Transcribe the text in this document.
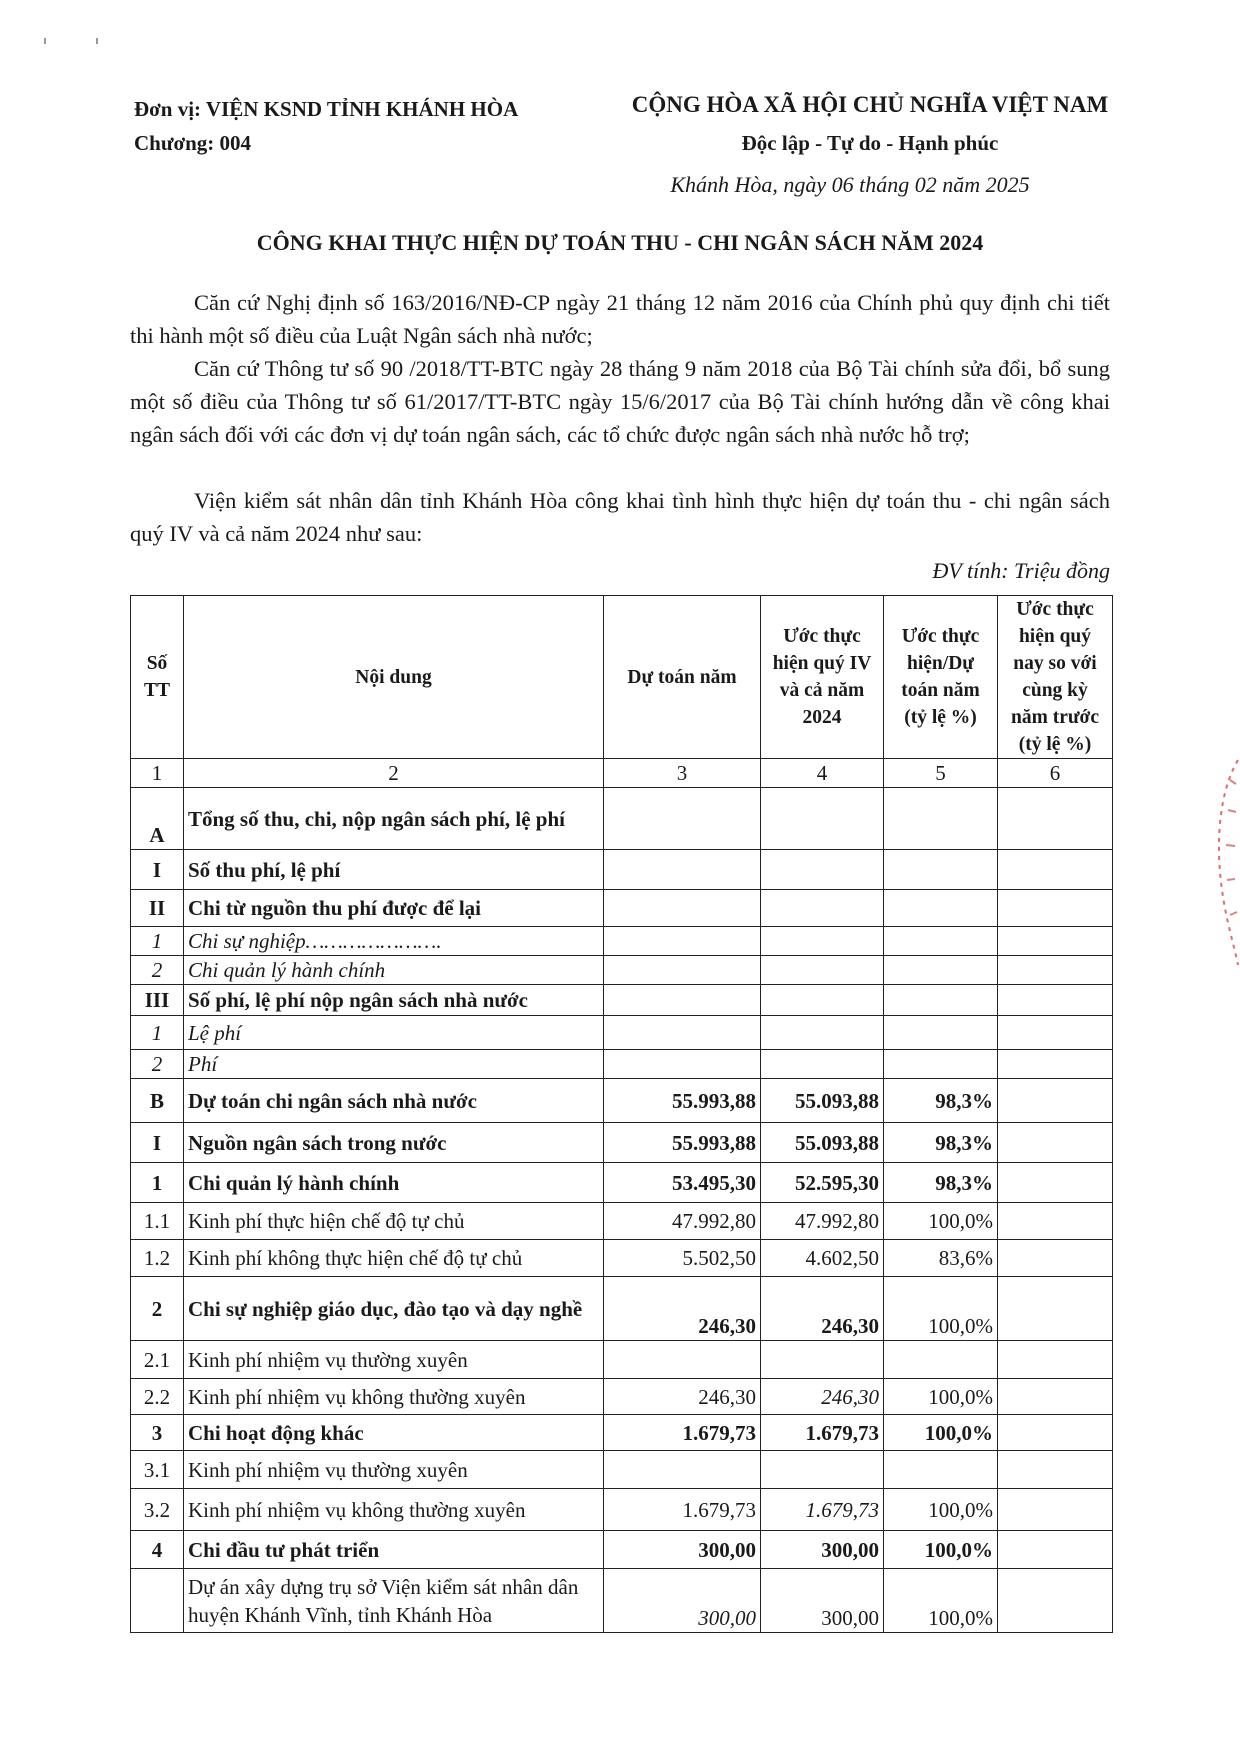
Đơn vị: VIỆN KSND TỈNH KHÁNH HÒA
Chương: 004
CỘNG HÒA XÃ HỘI CHỦ NGHĨA VIỆT NAM
Độc lập - Tự do - Hạnh phúc
Khánh Hòa, ngày 06 tháng 02 năm 2025
CÔNG KHAI THỰC HIỆN DỰ TOÁN THU - CHI NGÂN SÁCH NĂM 2024
Căn cứ Nghị định số 163/2016/NĐ-CP ngày 21 tháng 12 năm 2016 của Chính phủ quy định chi tiết thi hành một số điều của Luật Ngân sách nhà nước;
Căn cứ Thông tư số 90 /2018/TT-BTC ngày 28 tháng 9 năm 2018 của Bộ Tài chính sửa đổi, bổ sung một số điều của Thông tư số 61/2017/TT-BTC ngày 15/6/2017 của Bộ Tài chính hướng dẫn về công khai ngân sách đối với các đơn vị dự toán ngân sách, các tổ chức được ngân sách nhà nước hỗ trợ;
Viện kiểm sát nhân dân tỉnh Khánh Hòa công khai tình hình thực hiện dự toán thu - chi ngân sách quý IV và cả năm 2024 như sau:
ĐV tính: Triệu đồng
Số TT	Nội dung	Dự toán năm	Ước thực hiện quý IV và cả năm 2024	Ước thực hiện/Dự toán năm (tỷ lệ %)	Ước thực hiện quý nay so với cùng kỳ năm trước (tỷ lệ %)
1	2	3	4	5	6
A	Tổng số thu, chi, nộp ngân sách phí, lệ phí				
I	Số thu phí, lệ phí				
II	Chi từ nguồn thu phí được để lại				
1	Chi sự nghiệp………………….				
2	Chi quản lý hành chính				
III	Số phí, lệ phí nộp ngân sách nhà nước				
1	Lệ phí				
2	Phí				
B	Dự toán chi ngân sách nhà nước	55.993,88	55.093,88	98,3%	
I	Nguồn ngân sách trong nước	55.993,88	55.093,88	98,3%	
1	Chi quản lý hành chính	53.495,30	52.595,30	98,3%	
1.1	Kinh phí thực hiện chế độ tự chủ	47.992,80	47.992,80	100,0%	
1.2	Kinh phí không thực hiện chế độ tự chủ	5.502,50	4.602,50	83,6%	
2	Chi sự nghiệp giáo dục, đào tạo và dạy nghề	246,30	246,30	100,0%	
2.1	Kinh phí nhiệm vụ thường xuyên				
2.2	Kinh phí nhiệm vụ không thường xuyên	246,30	246,30	100,0%	
3	Chi hoạt động khác	1.679,73	1.679,73	100,0%	
3.1	Kinh phí nhiệm vụ thường xuyên				
3.2	Kinh phí nhiệm vụ không thường xuyên	1.679,73	1.679,73	100,0%	
4	Chi đầu tư phát triển	300,00	300,00	100,0%	
	Dự án xây dựng trụ sở Viện kiểm sát nhân dân huyện Khánh Vĩnh, tỉnh Khánh Hòa	300,00	300,00	100,0%	
